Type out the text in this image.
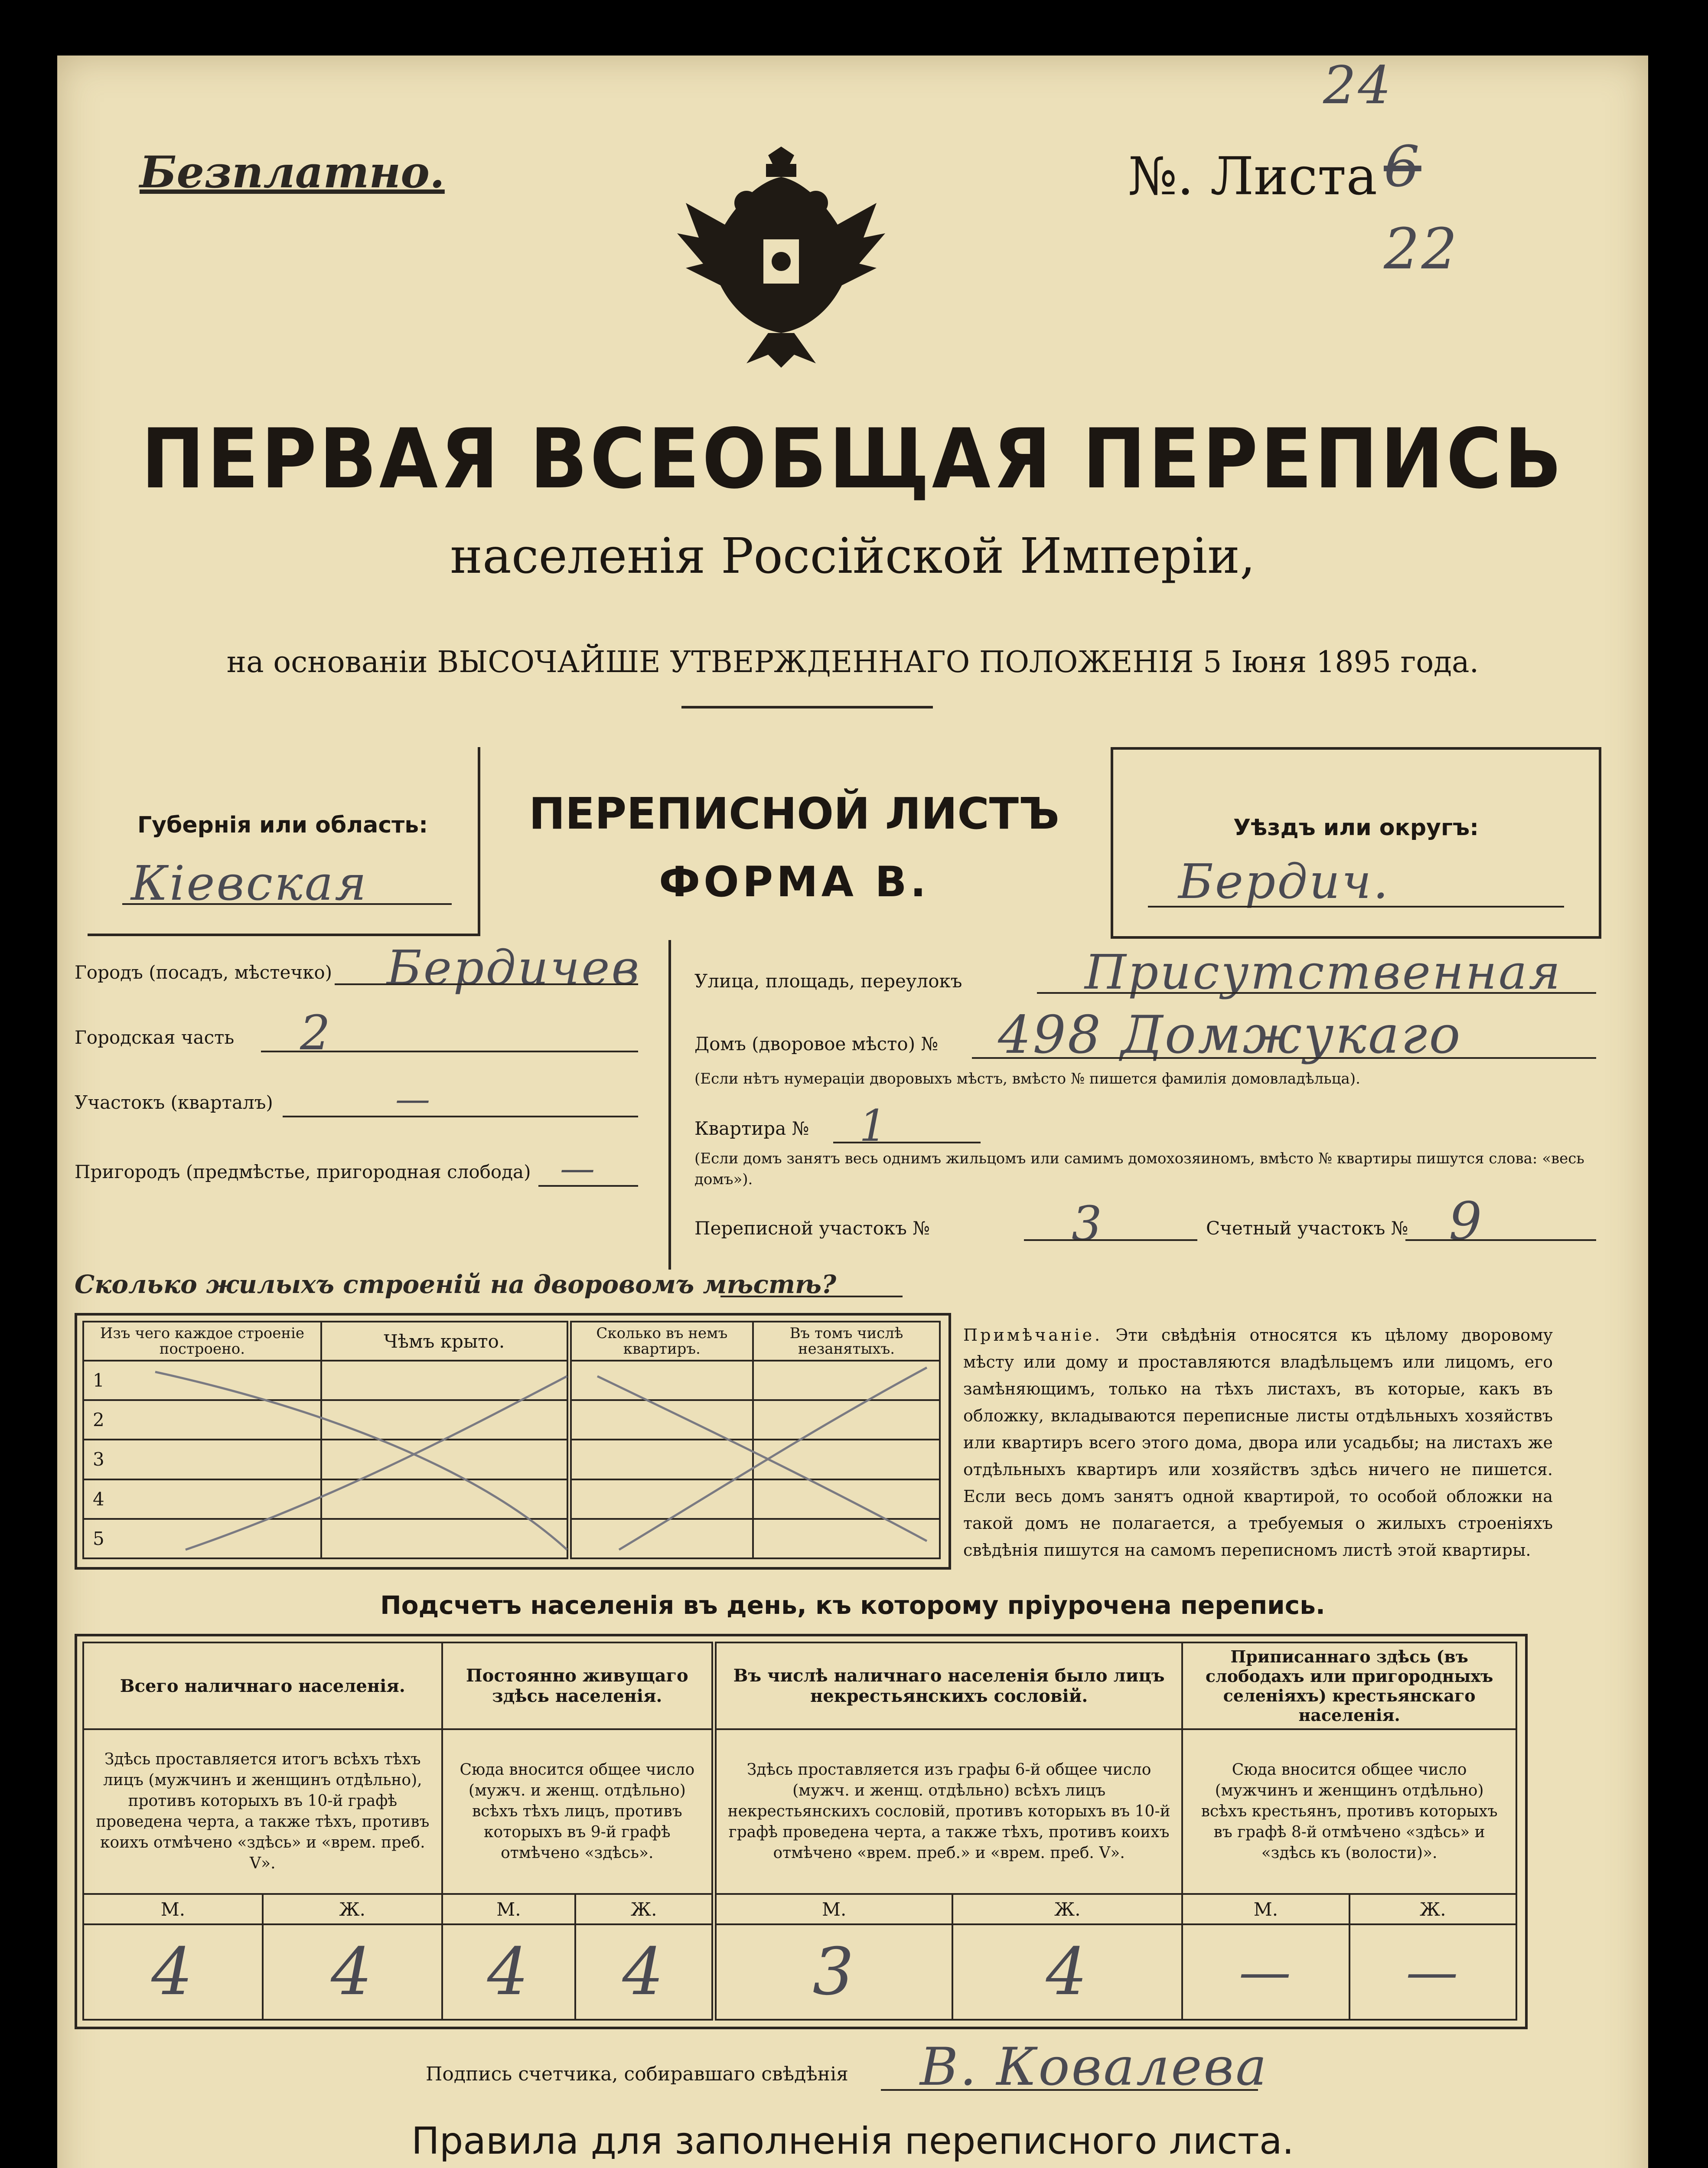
Безплатно.	№. Листа 6
22
24
ПЕРВАЯ ВСЕОБЩАЯ ПЕРЕПИСЬ
населенія Россійской Имперіи,
на основаніи ВЫСОЧАЙШЕ УТВЕРЖДЕННАГО ПОЛОЖЕНІЯ 5 Іюня 1895 года.
Губернія или область:
Кіевская
ПЕРЕПИСНОЙ ЛИСТЪ
ФОРМА В.
Уѣздъ или округъ:
Бердич.
Городъ (посадъ, мѣстечко) Бердичев
Городская часть 2
Участокъ (кварталъ)	—
Пригородъ (предмѣстье, пригородная слобода) —
Улица, площадь, переулокъ	Присутственная
Домъ (дворовое мѣсто) № 498 Домжукаго
(Если нѣтъ нумераціи дворовыхъ мѣстъ, вмѣсто № пишется фамилія домовладѣльца).
Квартира № 1
(Если домъ занятъ весь однимъ жильцомъ или самимъ домохозяиномъ, вмѣсто № квартиры пишутся слова: «весь домъ»).
Переписной участокъ №	3	Счетный участокъ № 9
Сколько жилыхъ строеній на дворовомъ мѣстѣ?
Изъ чего каждое строеніе построено.	Чѣмъ крыто.	Сколько въ немъ квартиръ.	Въ томъ числѣ незанятыхъ.
1			
2			
3			
4			
5			
Примѣчаніе. Эти свѣдѣнія относятся къ цѣлому дворовому мѣсту или дому и проставляются владѣльцемъ или лицомъ, его замѣняющимъ, только на тѣхъ листахъ, въ которые, какъ въ обложку, вкладываются переписные листы отдѣльныхъ хозяйствъ или квартиръ всего этого дома, двора или усадьбы; на листахъ же отдѣльныхъ квартиръ или хозяйствъ здѣсь ничего не пишется. Если весь домъ занятъ одной квартирой, то особой обложки на такой домъ не полагается, а требуемыя о жилыхъ строеніяхъ свѣдѣнія пишутся на самомъ переписномъ листѣ этой квартиры.
Подсчетъ населенія въ день, къ которому пріурочена перепись.
Всего наличнаго населенія.		Постоянно живущаго здѣсь населенія.		Въ числѣ наличнаго населенія было лицъ некрестьянскихъ сословій.		Приписаннаго здѣсь (въ слободахъ или пригородныхъ селеніяхъ) крестьянскаго населенія.	
Здѣсь проставляется итогъ всѣхъ тѣхъ лицъ (мужчинъ и женщинъ отдѣльно), противъ которыхъ въ 10-й графѣ проведена черта, а также тѣхъ, противъ коихъ отмѣчено «здѣсь» и «врем. преб. V».		Сюда вносится общее число (мужч. и женщ. отдѣльно) всѣхъ тѣхъ лицъ, противъ которыхъ въ 9-й графѣ отмѣчено «здѣсь».		Здѣсь проставляется изъ графы 6-й общее число (мужч. и женщ. отдѣльно) всѣхъ лицъ некрестьянскихъ сословій, противъ которыхъ въ 10-й графѣ проведена черта, а также тѣхъ, противъ коихъ отмѣчено «врем. преб.» и «врем. преб. V».		Сюда вносится общее число (мужчинъ и женщинъ отдѣльно) всѣхъ крестьянъ, противъ которыхъ въ графѣ 8-й отмѣчено «здѣсь» и «здѣсь къ (волости)».	
М.	Ж.	М.	Ж.	М.	Ж.	М.	Ж.
4	4	4	4	3	4	—	—
Подпись счетчика, собиравшаго свѣдѣнія В. Ковалева
Правила для заполненія переписного листа.
